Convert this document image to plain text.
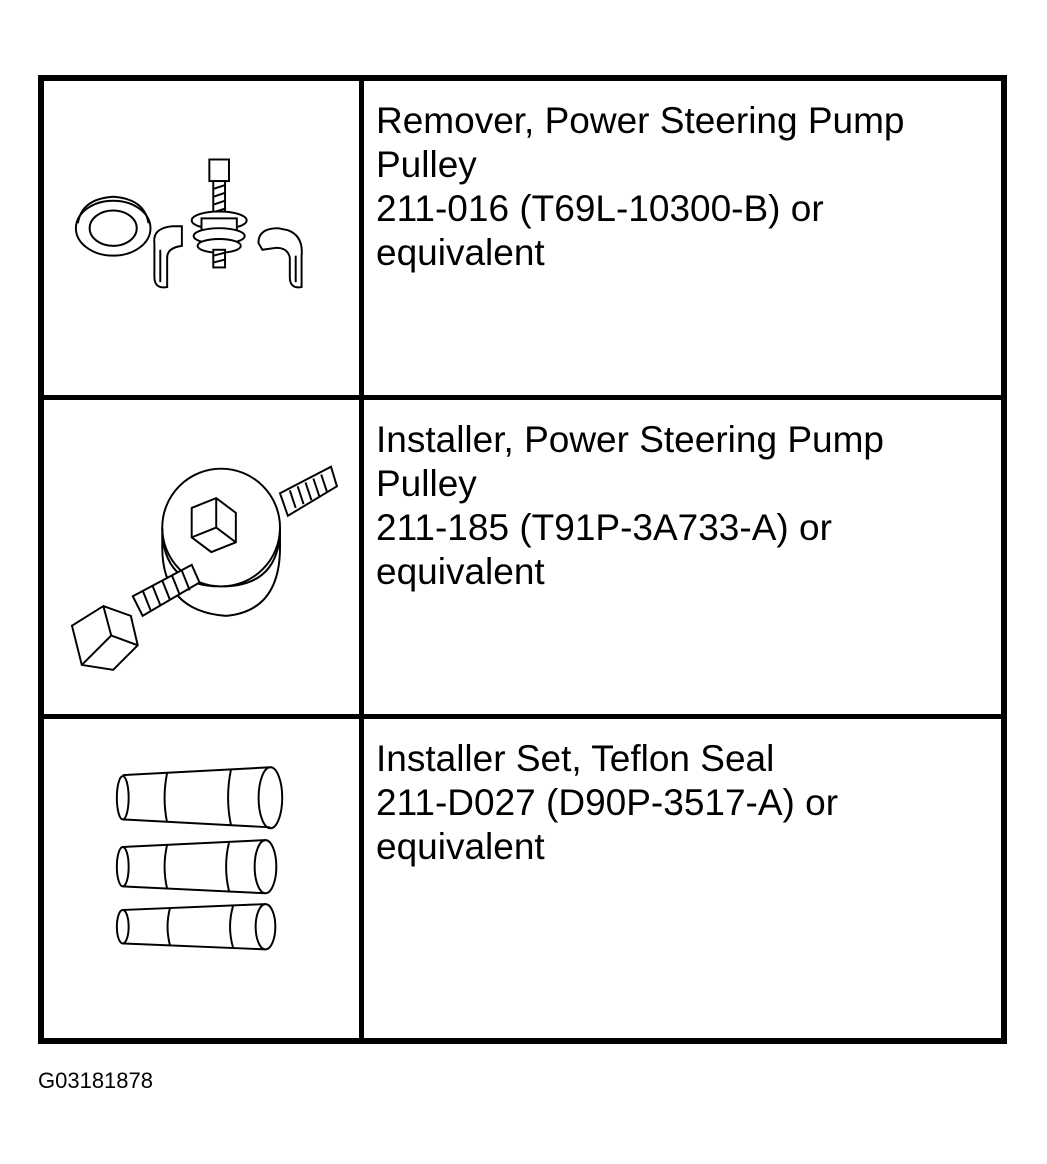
Remover, Power Steering Pump
Pulley
211-016 (T69L-10300-B) or
equivalent
Installer, Power Steering Pump
Pulley
211-185 (T91P-3A733-A) or
equivalent
Installer Set, Teflon Seal
211-D027 (D90P-3517-A) or
equivalent
G03181878
